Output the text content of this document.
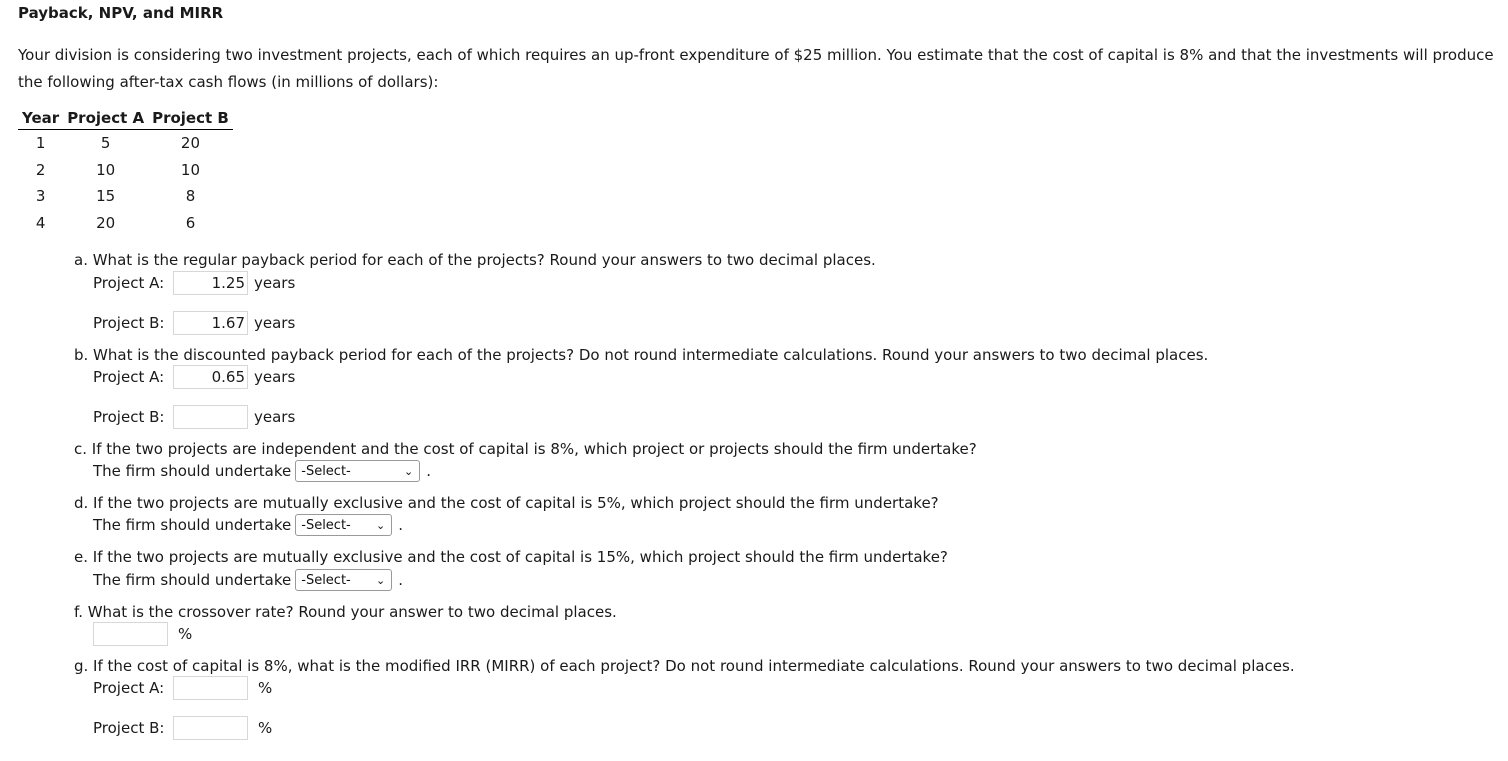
Payback, NPV, and MIRR
Your division is considering two investment projects, each of which requires an up-front expenditure of $25 million. You estimate that the cost of capital is 8% and that the investments will produce the following after-tax cash flows (in millions of dollars):
Year	Project A	Project B
1	5	20
2	10	10
3	15	8
4	20	6
a. What is the regular payback period for each of the projects? Round your answers to two decimal places.
Project A:	1.25 years
Project B:	1.67 years
b. What is the discounted payback period for each of the projects? Do not round intermediate calculations. Round your answers to two decimal places.
Project A:	0.65 years
Project B:	years
c. If the two projects are independent and the cost of capital is 8%, which project or projects should the firm undertake?
The firm should undertake -Select-	⌄ .
d. If the two projects are mutually exclusive and the cost of capital is 5%, which project should the firm undertake?
The firm should undertake -Select- ⌄ .
e. If the two projects are mutually exclusive and the cost of capital is 15%, which project should the firm undertake?
The firm should undertake -Select- ⌄ .
f. What is the crossover rate? Round your answer to two decimal places.
%
g. If the cost of capital is 8%, what is the modified IRR (MIRR) of each project? Do not round intermediate calculations. Round your answers to two decimal places.
Project A:	%
Project B:	%
